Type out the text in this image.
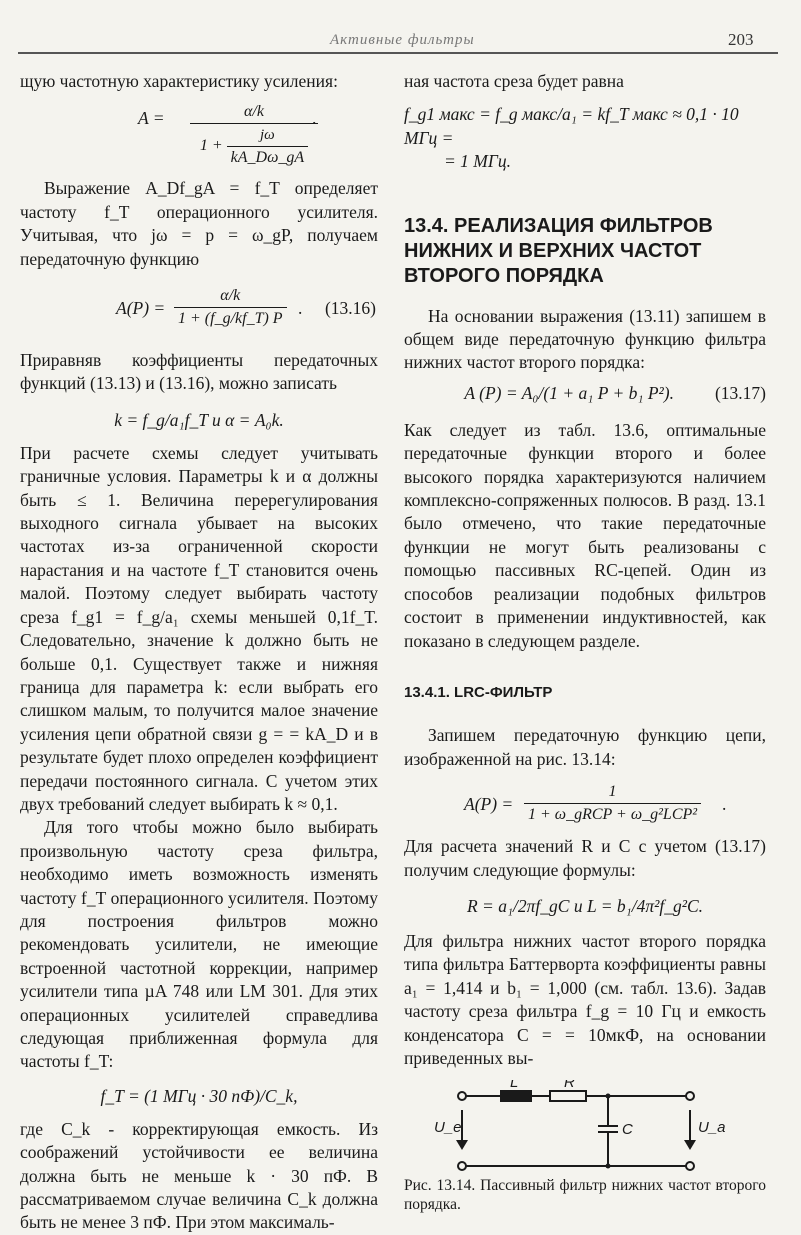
Активные фильтры	203

щую частотную характеристику усиления:

$A = \frac{\alpha/k}{1 + \frac{j\omega}{kA\_D\omega\_gA}}$
.

Выражение A_Df_gA = f_T определяет частоту f_T операционного усилителя. Учитывая, что jω = p = ω_gP, получаем передаточную функцию

$A(P) = \frac{\alpha/k}{1 + (f\_g/kf\_T) P}$ . (13.16)

Приравняв коэффициенты передаточных функций (13.13) и (13.16), можно записать

k = f_g/a₁f_T и α = A₀k.

При расчете схемы следует учитывать граничные условия. Параметры k и α должны быть ≤ 1. Величина перерегулирования выходного сигнала убывает на высоких частотах из-за ограниченной скорости нарастания и на частоте f_T становится очень малой. Поэтому следует выбирать частоту среза f_g1 = f_g/a₁ схемы меньшей 0,1f_T. Следовательно, значение k должно быть не больше 0,1. Существует также и нижняя граница для параметра k: если выбрать его слишком малым, то получится малое значение усиления цепи обратной связи g = = kA_D и в результате будет плохо определен коэффициент передачи постоянного сигнала. С учетом этих двух требований следует выбирать k ≈ 0,1.

Для того чтобы можно было выбирать произвольную частоту среза фильтра, необходимо иметь возможность изменять частоту f_T операционного усилителя. Поэтому для построения фильтров можно рекомендовать усилители, не имеющие встроенной частотной коррекции, например усилители типа µA 748 или LM 301. Для этих операционных усилителей справедлива следующая приближенная формула для частоты f_T:

f_T = (1 МГц · 30 пФ)/C_k,

где C_k - корректирующая емкость. Из соображений устойчивости ее величина должна быть не меньше k · 30 пФ. В рассматриваемом случае величина C_k должна быть не менее 3 пФ. При этом максималь-

ная частота среза будет равна

f_g1 макс = f_g макс/a₁ = kf_T макс ≈ 0,1 · 10 МГц =
= 1 МГц.
13.4. РЕАЛИЗАЦИЯ ФИЛЬТРОВ НИЖНИХ И ВЕРХНИХ ЧАСТОТ ВТОРОГО ПОРЯДКА

На основании выражения (13.11) запишем в общем виде передаточную функцию фильтра нижних частот второго порядка:

A (P) = A₀/(1 + a₁ P + b₁ P²). (13.17)

Как следует из табл. 13.6, оптимальные передаточные функции второго и более высокого порядка характеризуются наличием комплексно-сопряженных полюсов. В разд. 13.1 было отмечено, что такие передаточные функции не могут быть реализованы с помощью пассивных RC-цепей. Один из способов реализации подобных фильтров состоит в применении индуктивностей, как показано в следующем разделе.

13.4.1. LRC-ФИЛЬТР

Запишем передаточную функцию цепи, изображенной на рис. 13.14:

A(P) =
1
1 + ω_gRCP + ω_g²LCP²
.

Для расчета значений R и C с учетом (13.17) получим следующие формулы:

R = a₁/2πf_gC и L = b₁/4π²f_g²C.

Для фильтра нижних частот второго порядка типа фильтра Баттерворта коэффициенты равны a₁ = 1,414 и b₁ = 1,000 (см. табл. 13.6). Задав частоту среза фильтра f_g = 10 Гц и емкость конденсатора C = = 10мкФ, на основании приведенных вы-

L	R
C
U_e	U_a
Рис. 13.14. Пассивный фильтр нижних частот второго порядка.
